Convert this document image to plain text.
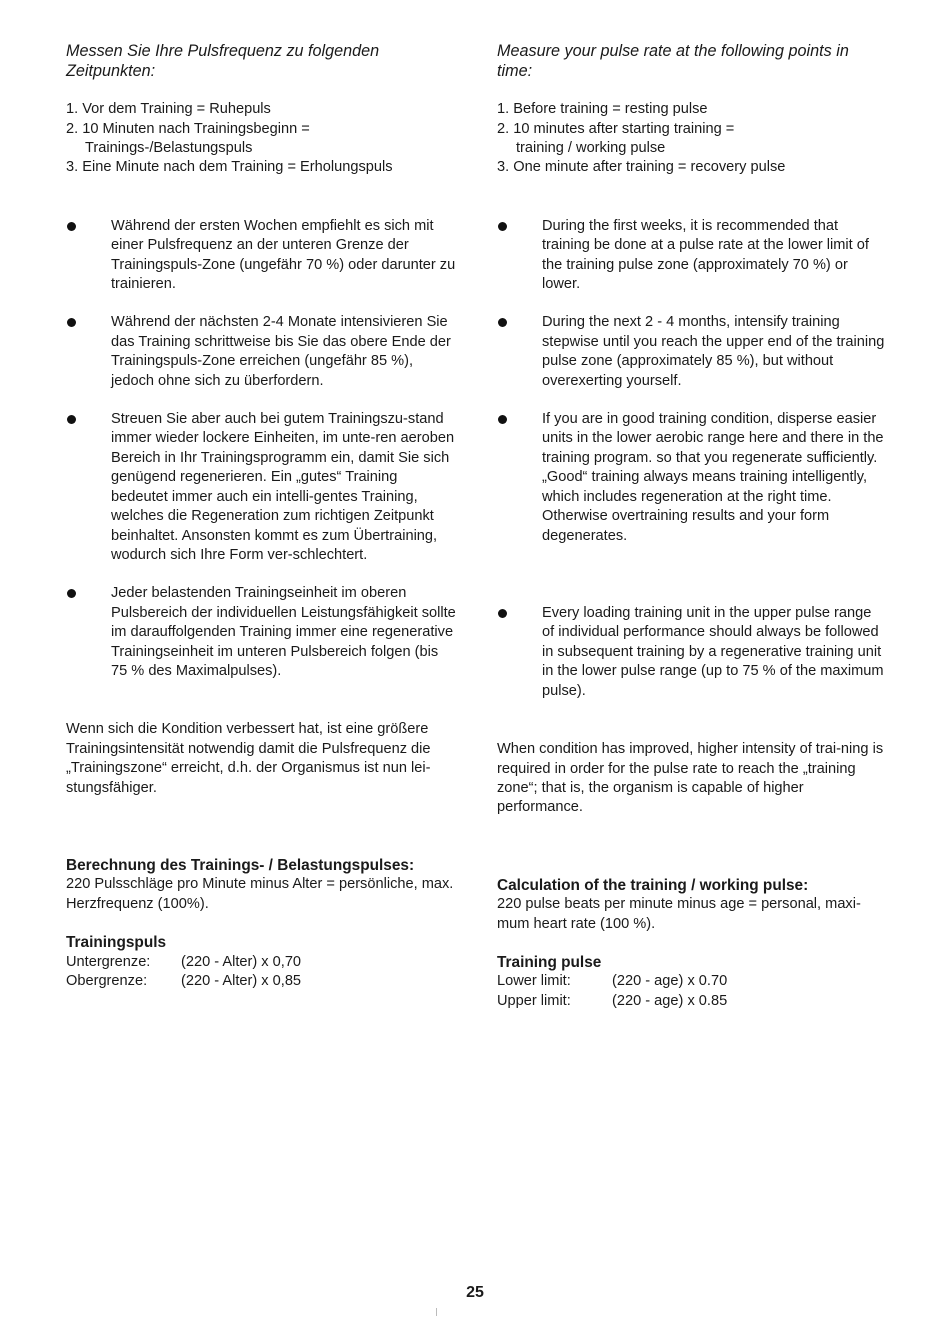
Messen Sie Ihre Pulsfrequenz zu folgenden Zeitpunkten:

1. Vor dem Training = Ruhepuls
2. 10 Minuten nach Trainingsbeginn =
Trainings-/Belastungspuls
3. Eine Minute nach dem Training = Erholungspuls
Während der ersten Wochen empfiehlt es sich mit einer Pulsfrequenz an der unteren Grenze der Trainingspuls-Zone (ungefähr 70 %) oder darunter zu trainieren.
Während der nächsten 2-4 Monate intensivieren Sie das Training schrittweise bis Sie das obere Ende der Trainingspuls-Zone erreichen (ungefähr 85 %), jedoch ohne sich zu überfordern.
Streuen Sie aber auch bei gutem Trainingszu-stand immer wieder lockere Einheiten, im unte-ren aeroben Bereich in Ihr Trainingsprogramm ein, damit Sie sich genügend regenerieren. Ein „gutes“ Training bedeutet immer auch ein intelli-gentes Training, welches die Regeneration zum richtigen Zeitpunkt beinhaltet. Ansonsten kommt es zum Übertraining, wodurch sich Ihre Form ver-schlechtert.
Jeder belastenden Trainingseinheit im oberen Pulsbereich der individuellen Leistungsfähigkeit sollte im darauffolgenden Training immer eine regenerative Trainingseinheit im unteren Pulsbereich folgen (bis 75 % des Maximalpulses).

Wenn sich die Kondition verbessert hat, ist eine größere Trainingsintensität notwendig damit die Pulsfrequenz die „Trainingszone“ erreicht, d.h. der Organismus ist nun lei-stungsfähiger.

Berechnung des Trainings- / Belastungspulses:

220 Pulsschläge pro Minute minus Alter = persönliche, max. Herzfrequenz (100%).

Trainingspuls

Untergrenze:	(220 - Alter) x 0,70
Obergrenze:	(220 - Alter) x 0,85

Measure your pulse rate at the following points in time:

1. Before training = resting pulse
2. 10 minutes after starting training =
training / working pulse
3. One minute after training = recovery pulse
During the first weeks, it is recommended that training be done at a pulse rate at the lower limit of the training pulse zone (approximately 70 %) or lower.
During the next 2 - 4 months, intensify training stepwise until you reach the upper end of the training pulse zone (approximately 85 %), but without overexerting yourself.
If you are in good training condition, disperse easier units in the lower aerobic range here and there in the training program. so that you regenerate sufficiently. „Good“ training always means training intelligently, which includes regeneration at the right time. Otherwise overtraining results and your form degenerates.
Every loading training unit in the upper pulse range of individual performance should always be followed in subsequent training by a regenerative training unit in the lower pulse range (up to 75 % of the maximum pulse).

When condition has improved, higher intensity of trai-ning is required in order for the pulse rate to reach the „training zone“; that is, the organism is capable of higher performance.

Calculation of the training / working pulse:

220 pulse beats per minute minus age = personal, maxi-mum heart rate (100 %).

Training pulse

Lower limit:	(220 - age) x 0.70
Upper limit:	(220 - age) x 0.85
25
